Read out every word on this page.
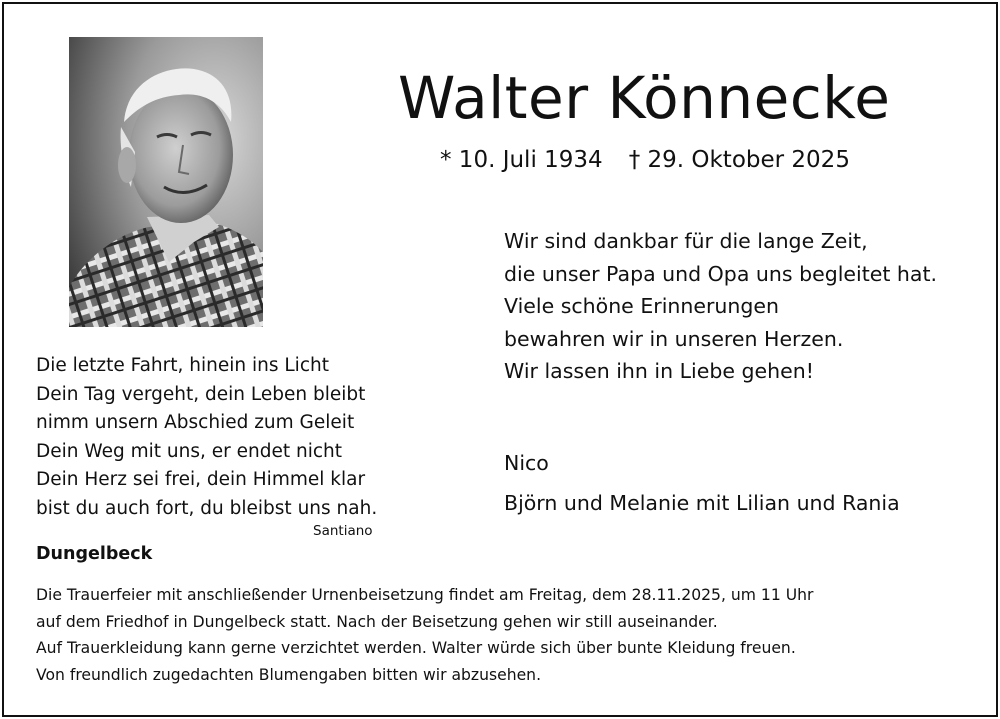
Walter Könnecke
* 10. Juli 1934 † 29. Oktober 2025
Wir sind dankbar für die lange Zeit,
die unser Papa und Opa uns begleitet hat.
Viele schöne Erinnerungen
bewahren wir in unseren Herzen.
Wir lassen ihn in Liebe gehen!
Die letzte Fahrt, hinein ins Licht
Dein Tag vergeht, dein Leben bleibt
nimm unsern Abschied zum Geleit
Dein Weg mit uns, er endet nicht
Dein Herz sei frei, dein Himmel klar
bist du auch fort, du bleibst uns nah.
Santiano
Nico
Björn und Melanie mit Lilian und Rania
Dungelbeck
Die Trauerfeier mit anschließender Urnenbeisetzung findet am Freitag, dem 28.11.2025, um 11 Uhr
auf dem Friedhof in Dungelbeck statt. Nach der Beisetzung gehen wir still auseinander.
Auf Trauerkleidung kann gerne verzichtet werden. Walter würde sich über bunte Kleidung freuen.
Von freundlich zugedachten Blumengaben bitten wir abzusehen.
